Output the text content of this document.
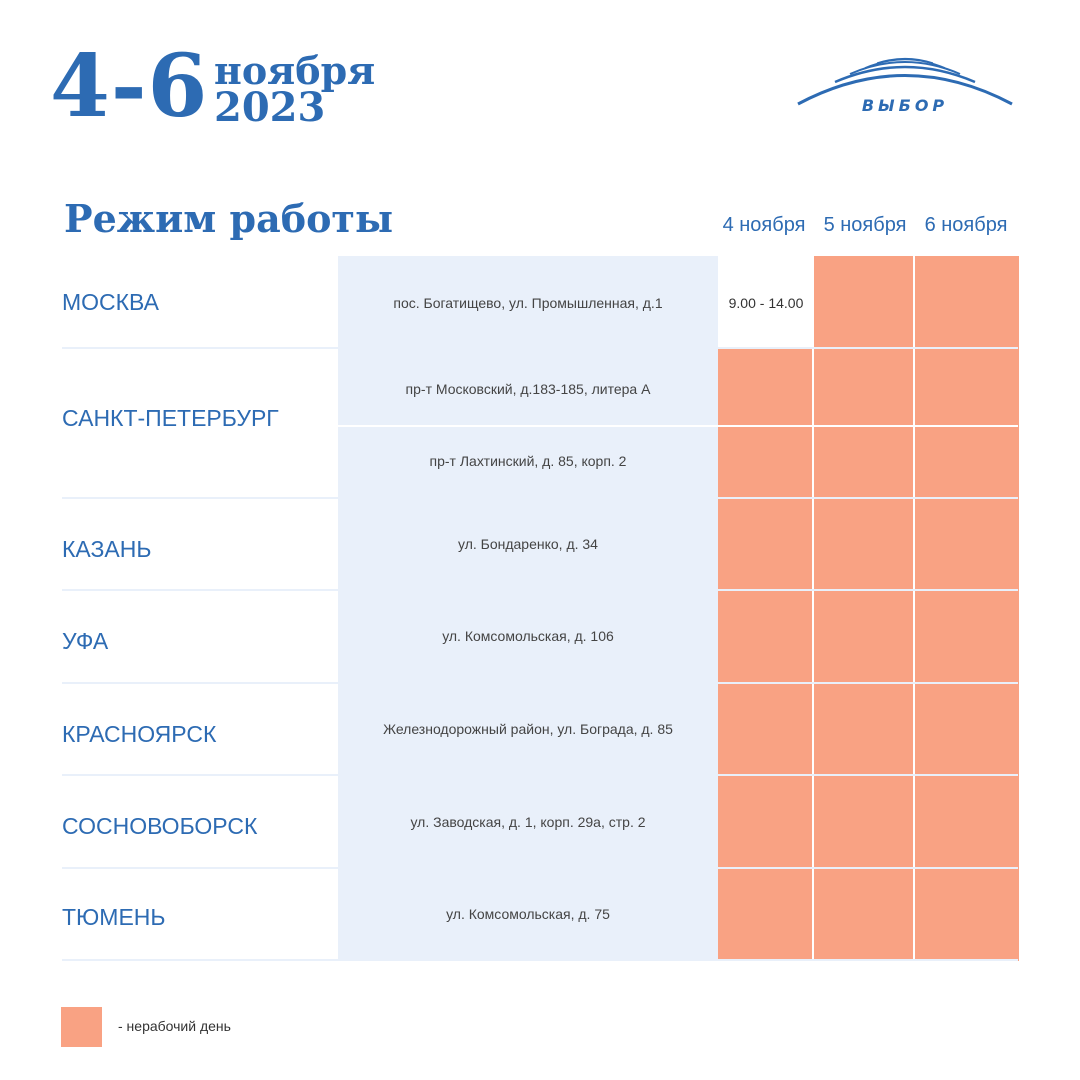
4-6 ноября
2023	ВЫБОР
Режим работы	4 ноября 5 ноября 6 ноября
9.00 - 14.00
МОСКВА
САНКТ-ПЕТЕРБУРГ
КАЗАНЬ
УФА
КРАСНОЯРСК
СОСНОВОБОРСК
ТЮМЕНЬ
пос. Богатищево, ул. Промышленная, д.1
пр-т Московский, д.183-185, литера А
пр-т Лахтинский, д. 85, корп. 2
ул. Бондаренко, д. 34
ул. Комсомольская, д. 106
Железнодорожный район, ул. Бограда, д. 85
ул. Заводская, д. 1, корп. 29а, стр. 2
ул. Комсомольская, д. 75
- нерабочий день
